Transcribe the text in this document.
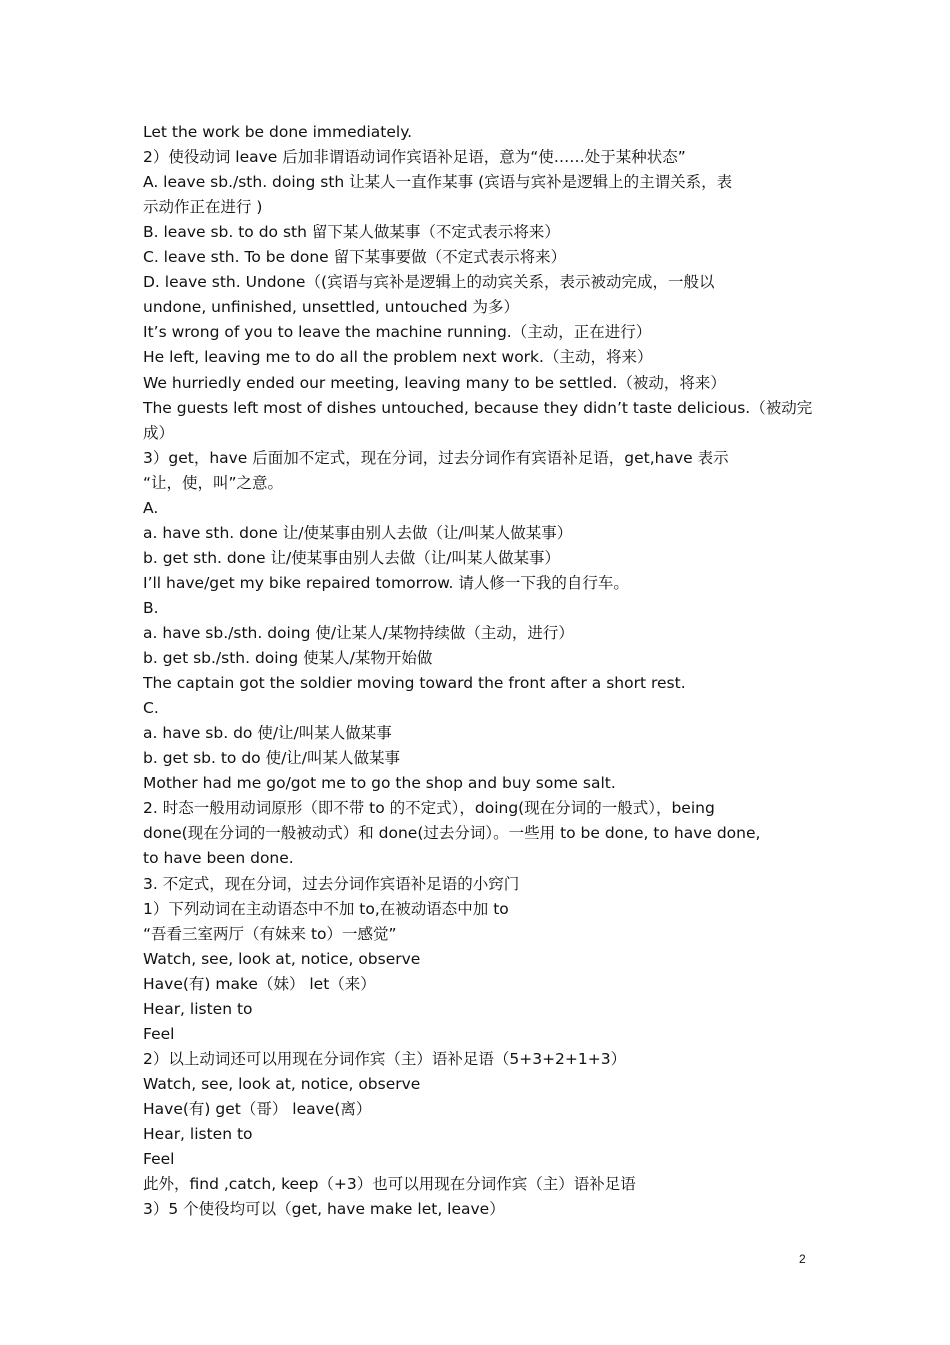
Let the work be done immediately.
2）使役动词 leave 后加非谓语动词作宾语补足语，意为“使……处于某种状态”
A. leave sb./sth. doing sth 让某人一直作某事 (宾语与宾补是逻辑上的主谓关系，表
示动作正在进行 )
B. leave sb. to do sth 留下某人做某事（不定式表示将来）
C. leave sth. To be done 留下某事要做（不定式表示将来）
D. leave sth. Undone（(宾语与宾补是逻辑上的动宾关系，表示被动完成，一般以
undone, unfinished, unsettled, untouched 为多）
It’s wrong of you to leave the machine running.（主动，正在进行）
He left, leaving me to do all the problem next work.（主动，将来）
We hurriedly ended our meeting, leaving many to be settled.（被动，将来）
The guests left most of dishes untouched, because they didn’t taste delicious.（被动完
成）
3）get，have 后面加不定式，现在分词，过去分词作有宾语补足语，get,have 表示
“让，使，叫”之意。
A.
a. have sth. done 让/使某事由别人去做（让/叫某人做某事）
b. get sth. done 让/使某事由别人去做（让/叫某人做某事）
I’ll have/get my bike repaired tomorrow. 请人修一下我的自行车。
B.
a. have sb./sth. doing 使/让某人/某物持续做（主动，进行）
b. get sb./sth. doing 使某人/某物开始做
The captain got the soldier moving toward the front after a short rest.
C.
a. have sb. do 使/让/叫某人做某事
b. get sb. to do 使/让/叫某人做某事
Mother had me go/got me to go the shop and buy some salt.
2. 时态一般用动词原形（即不带 to 的不定式），doing(现在分词的一般式），being
done(现在分词的一般被动式）和 done(过去分词）。一些用 to be done, to have done,
to have been done.
3. 不定式，现在分词，过去分词作宾语补足语的小窍门
1）下列动词在主动语态中不加 to,在被动语态中加 to
“吾看三室两厅（有妹来 to）一感觉”
Watch, see, look at, notice, observe
Have(有) make（妹） let（来）
Hear, listen to
Feel
2）以上动词还可以用现在分词作宾（主）语补足语（5+3+2+1+3）
Watch, see, look at, notice, observe
Have(有) get（哥） leave(离）
Hear, listen to
Feel
此外，find ,catch, keep（+3）也可以用现在分词作宾（主）语补足语
3）5 个使役均可以（get, have make let, leave）
2
